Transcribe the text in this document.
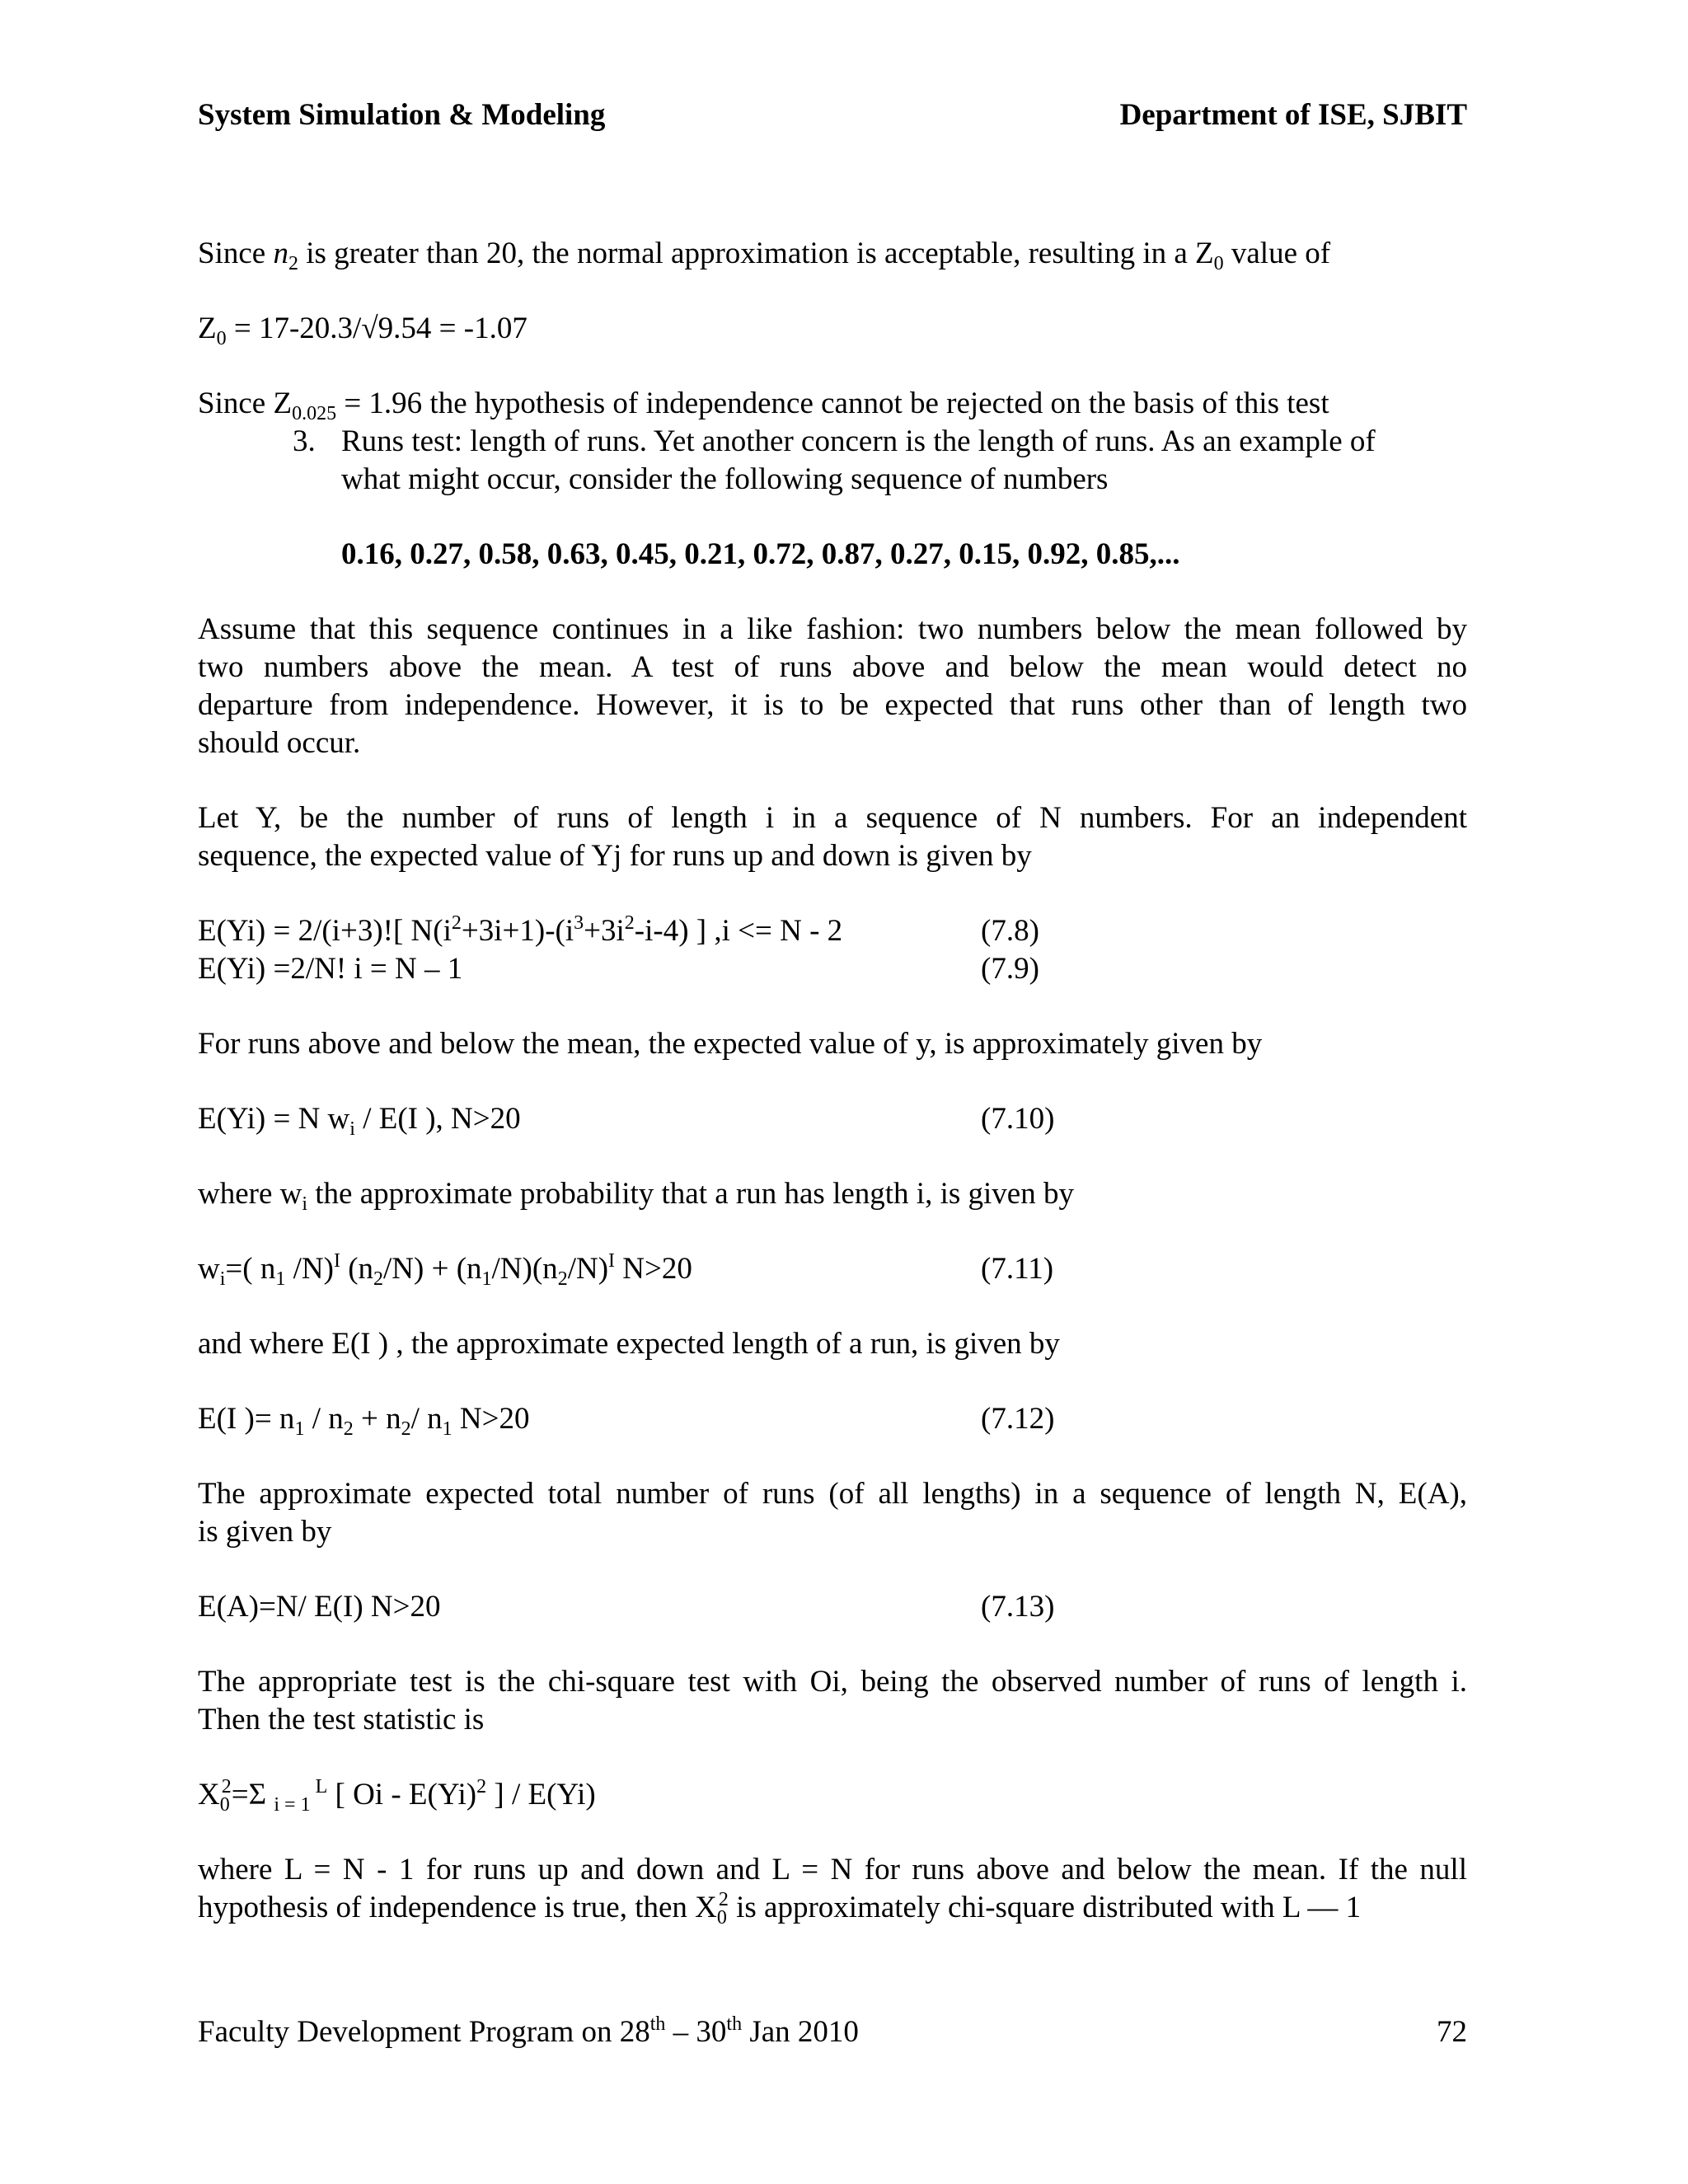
System Simulation & Modeling	Department of ISE, SJBIT
Since $n_2$ is greater than 20, the normal approximation is acceptable, resulting in a $Z_0$ value of
$Z_0 = 17-20.3/√9.54 = -1.07$
Since $Z_{0.025} = 1.96$ the hypothesis of independence cannot be rejected on the basis of this test
3. Runs test: length of runs. Yet another concern is the length of runs. As an example of
what might occur, consider the following sequence of numbers
0.16, 0.27, 0.58, 0.63, 0.45, 0.21, 0.72, 0.87, 0.27, 0.15, 0.92, 0.85,...
Assume that this sequence continues in a like fashion: two numbers below the mean followed by
two numbers above the mean. A test of runs above and below the mean would detect no
departure from independence. However, it is to be expected that runs other than of length two
should occur.
Let Y, be the number of runs of length i in a sequence of N numbers. For an independent
sequence, the expected value of Yj for runs up and down is given by
E(Yi) = 2/(i+3)![ $N(i^2+3i+1)-(i^3+3i^2-i-4)$ ] ,i <= N - 2	(7.8)
E(Yi) =2/N! i = N – 1	(7.9)
For runs above and below the mean, the expected value of y, is approximately given by
E(Yi) = N $w_i / E(I$ ), N>20	(7.10)
where $w_i$ the approximate probability that a run has length i, is given by
$w_i=$( $n_1$ /N)$^I$ $(n_2/N) + (n_1/N)(n_2/N)^I$ N>20	(7.11)
and where E(I ) , the approximate expected length of a run, is given by
E(I )= $n_1 / n_2 + n_2/$ $n_1$ N>20	(7.12)
The approximate expected total number of runs (of all lengths) in a sequence of length N, E(A),
is given by
E(A)=N/ E(I) N>20	(7.13)
The appropriate test is the chi-square test with Oi, being the observed number of runs of length i.
Then the test statistic is
$X_0^2=\Sigma$ $_{i = 1}$ $^L$ [ Oi - $E(Yi)^2$ ] / E(Yi)
where L = N - 1 for runs up and down and L = N for runs above and below the mean. If the null
hypothesis of independence is true, then $X_0^2$ is approximately chi-square distributed with L — 1
Faculty Development Program on 28th – 30th Jan 2010	72
